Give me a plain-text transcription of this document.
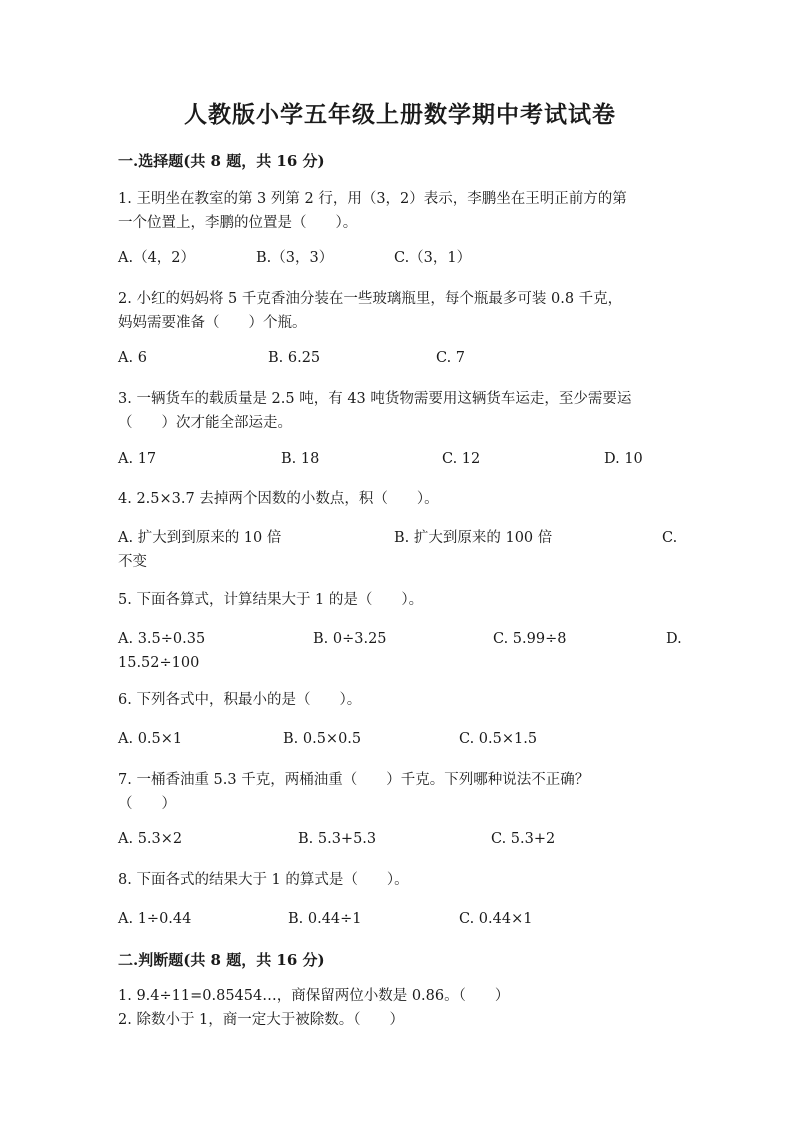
人教版小学五年级上册数学期中考试试卷
一.选择题(共 8 题，共 16 分)
1. 王明坐在教室的第 3 列第 2 行，用（3，2）表示，李鹏坐在王明正前方的第
一个位置上，李鹏的位置是（　　）。
A.（4，2）	B.（3，3）	C.（3，1）
2. 小红的妈妈将 5 千克香油分装在一些玻璃瓶里，每个瓶最多可装 0.8 千克，
妈妈需要准备（　　）个瓶。
A. 6	B. 6.25	C. 7
3. 一辆货车的载质量是 2.5 吨，有 43 吨货物需要用这辆货车运走，至少需要运
（　　）次才能全部运走。
A. 17	B. 18	C. 12	D. 10
4. 2.5×3.7 去掉两个因数的小数点，积（　　）。
A. 扩大到到原来的 10 倍	B. 扩大到原来的 100 倍	C.
不变
5. 下面各算式，计算结果大于 1 的是（　　）。
A. 3.5÷0.35	B. 0÷3.25	C. 5.99÷8	D.
15.52÷100
6. 下列各式中，积最小的是（　　）。
A. 0.5×1	B. 0.5×0.5	C. 0.5×1.5
7. 一桶香油重 5.3 千克，两桶油重（　　）千克。下列哪种说法不正确？
（　　）
A. 5.3×2	B. 5.3+5.3	C. 5.3+2
8. 下面各式的结果大于 1 的算式是（　　）。
A. 1÷0.44	B. 0.44÷1	C. 0.44×1
二.判断题(共 8 题，共 16 分)
1. 9.4÷11=0.85454…，商保留两位小数是 0.86。（　　）
2. 除数小于 1，商一定大于被除数。（　　）
